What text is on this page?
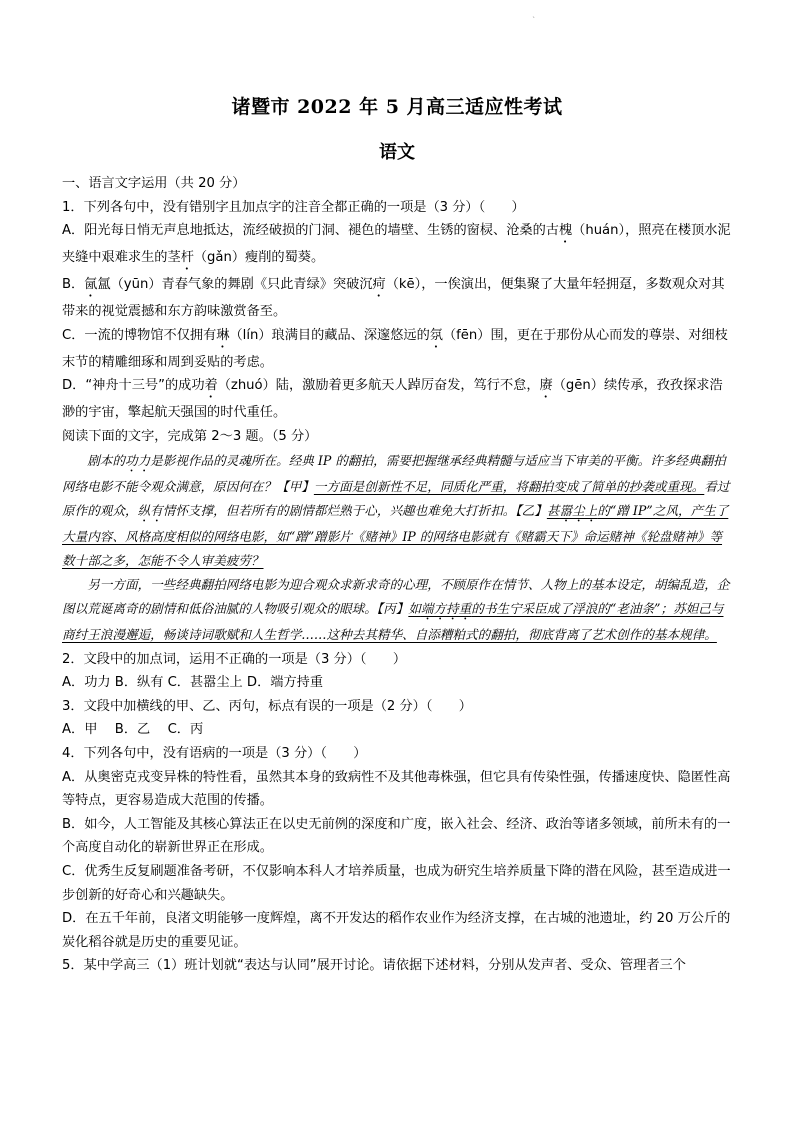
`
诸暨市 2022 年 5 月高三适应性考试
语文

一、语言文字运用（共 20 分）

1．下列各句中，没有错别字且加点字的注音全都正确的一项是（3 分）（　　）

A．阳光每日悄无声息地抵达，流经破损的门洞、褪色的墙壁、生锈的窗棂、沧桑的古槐（huán），照亮在楼顶水泥夹缝中艰难求生的茎杆（gǎn）瘦削的蜀葵。

B．氤氲（yūn）青春气象的舞剧《只此青绿》突破沉疴（kē），一俟演出，便集聚了大量年轻拥趸，多数观众对其带来的视觉震撼和东方韵味激赏备至。

C．一流的博物馆不仅拥有琳（lín）琅满目的藏品、深邃悠远的氛（fēn）围，更在于那份从心而发的尊崇、对细枝末节的精雕细琢和周到妥贴的考虑。

D．“神舟十三号”的成功着（zhuó）陆，激励着更多航天人踔厉奋发，笃行不怠，赓（gēn）续传承，孜孜探求浩渺的宇宙，擎起航天强国的时代重任。

阅读下面的文字，完成第 2～3 题。（5 分）

剧本的功力是影视作品的灵魂所在。经典 IP 的翻拍，需要把握继承经典精髓与适应当下审美的平衡。许多经典翻拍网络电影不能令观众满意，原因何在？【甲】一方面是创新性不足，同质化严重，将翻拍变成了简单的抄袭或重现。看过原作的观众，纵有情怀支撑，但若所有的剧情都烂熟于心，兴趣也难免大打折扣。【乙】甚嚣尘上的“蹭 IP”之风，产生了大量内容、风格高度相似的网络电影，如“蹭”蹭影片《赌神》IP 的网络电影就有《赌霸天下》命运赌神《轮盘赌神》等数十部之多，怎能不令人审美疲劳？

另一方面，一些经典翻拍网络电影为迎合观众求新求奇的心理，不顾原作在情节、人物上的基本设定，胡编乱造，企图以荒诞离奇的剧情和低俗油腻的人物吸引观众的眼球。【丙】如端方持重的书生宁采臣成了浮浪的“老油条”；苏妲己与商纣王浪漫邂逅，畅谈诗词歌赋和人生哲学……这种去其精华、自添糟粕式的翻拍，彻底背离了艺术创作的基本规律。

2．文段中的加点词，运用不正确的一项是（3 分）（　　）

A．功力 B．纵有 C．甚嚣尘上 D．端方持重

3．文段中加横线的甲、乙、丙句，标点有误的一项是（2 分）（　　）

A．甲　 B．乙　 C．丙

4．下列各句中，没有语病的一项是（3 分）（　　）

A．从奥密克戎变异株的特性看，虽然其本身的致病性不及其他毒株强，但它具有传染性强，传播速度快、隐匿性高等特点，更容易造成大范围的传播。

B．如今，人工智能及其核心算法正在以史无前例的深度和广度，嵌入社会、经济、政治等诸多领域，前所未有的一个高度自动化的崭新世界正在形成。

C．优秀生反复刷题准备考研，不仅影响本科人才培养质量，也成为研究生培养质量下降的潜在风险，甚至造成进一步创新的好奇心和兴趣缺失。

D．在五千年前，良渚文明能够一度辉煌，离不开发达的稻作农业作为经济支撑，在古城的池遗址，约 20 万公斤的炭化稻谷就是历史的重要见证。

5．某中学高三（1）班计划就“表达与认同”展开讨论。请依据下述材料，分别从发声者、受众、管理者三个
